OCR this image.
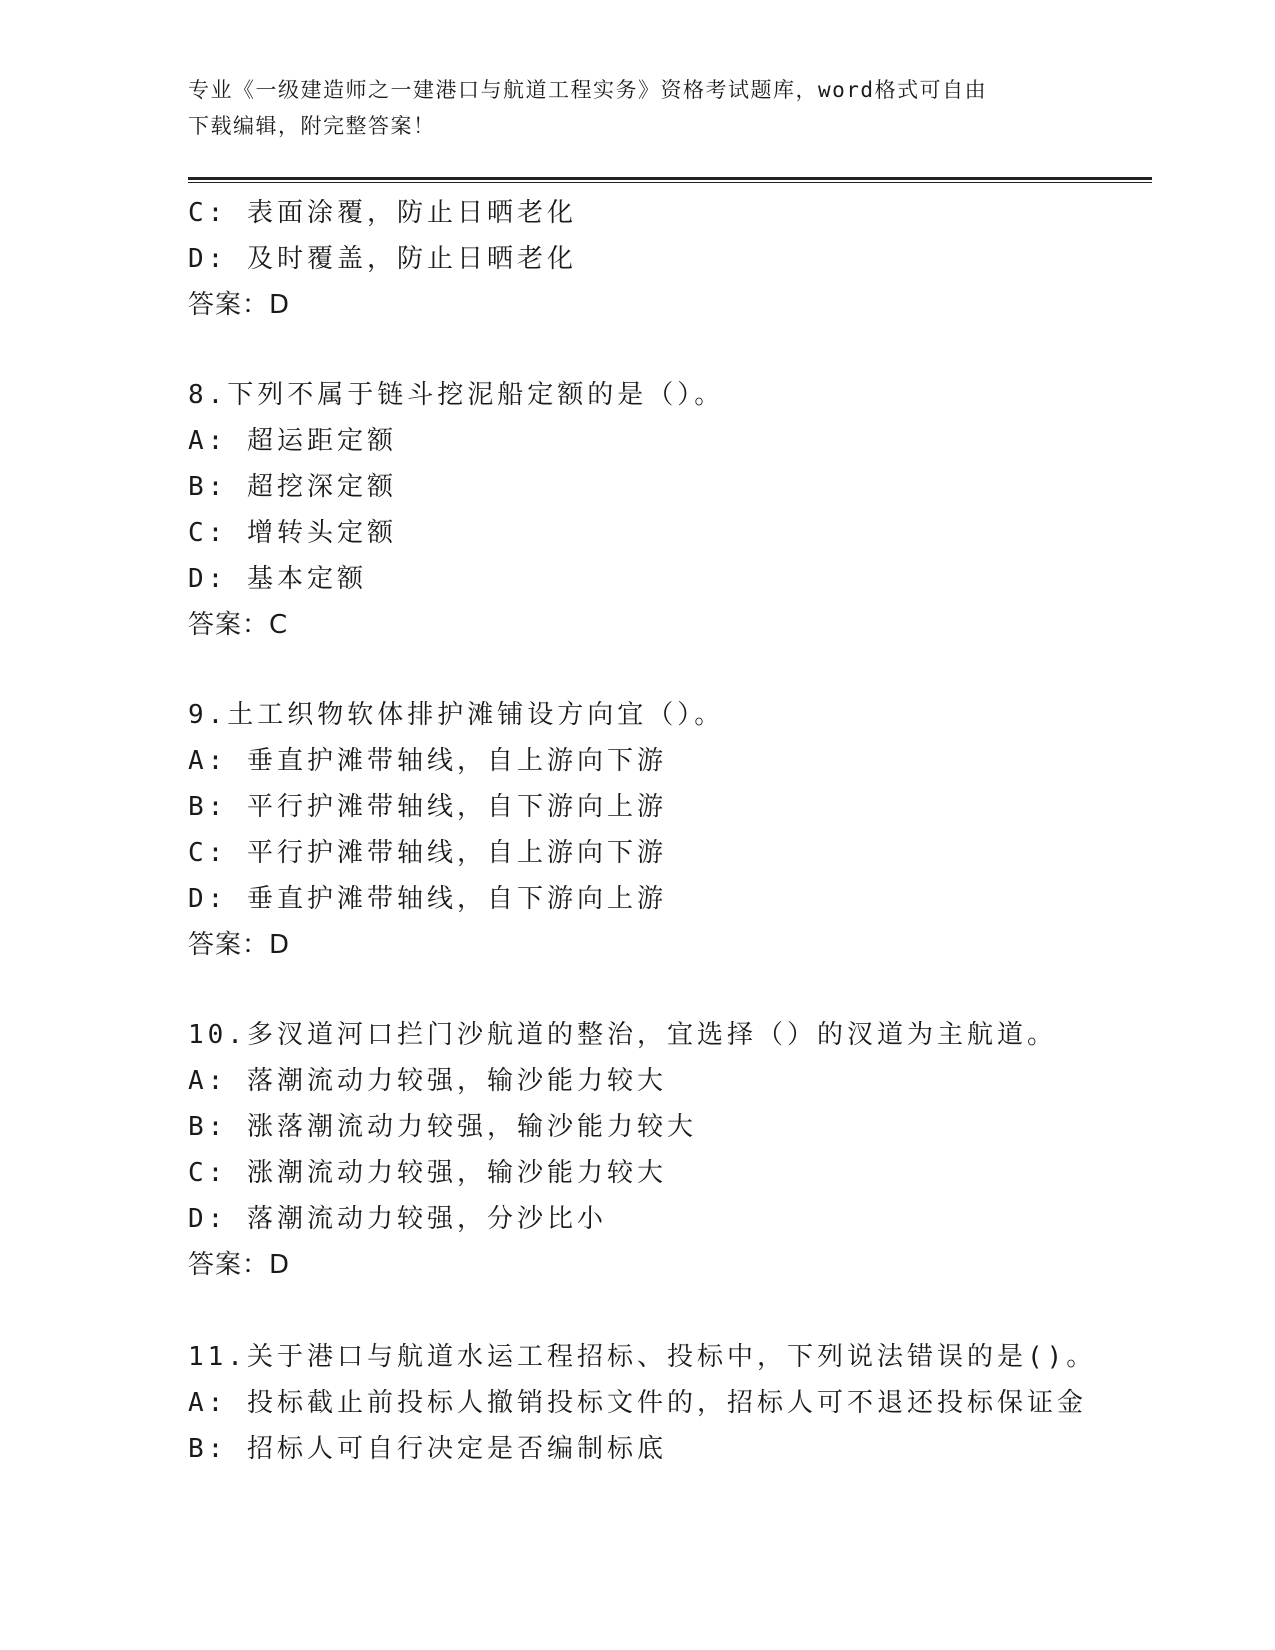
专业《一级建造师之一建港口与航道工程实务》资格考试题库，word格式可自由
下载编辑，附完整答案！
C: 表面涂覆，防止日晒老化
D: 及时覆盖，防止日晒老化
答案：D
8.下列不属于链斗挖泥船定额的是（）。
A: 超运距定额
B: 超挖深定额
C: 增转头定额
D: 基本定额
答案：C
9.土工织物软体排护滩铺设方向宜（）。
A: 垂直护滩带轴线，自上游向下游
B: 平行护滩带轴线，自下游向上游
C: 平行护滩带轴线，自上游向下游
D: 垂直护滩带轴线，自下游向上游
答案：D
10.多汊道河口拦门沙航道的整治，宜选择（）的汊道为主航道。
A: 落潮流动力较强，输沙能力较大
B: 涨落潮流动力较强，输沙能力较大
C: 涨潮流动力较强，输沙能力较大
D: 落潮流动力较强，分沙比小
答案：D
11.关于港口与航道水运工程招标、投标中，下列说法错误的是()。
A: 投标截止前投标人撤销投标文件的，招标人可不退还投标保证金
B: 招标人可自行决定是否编制标底
